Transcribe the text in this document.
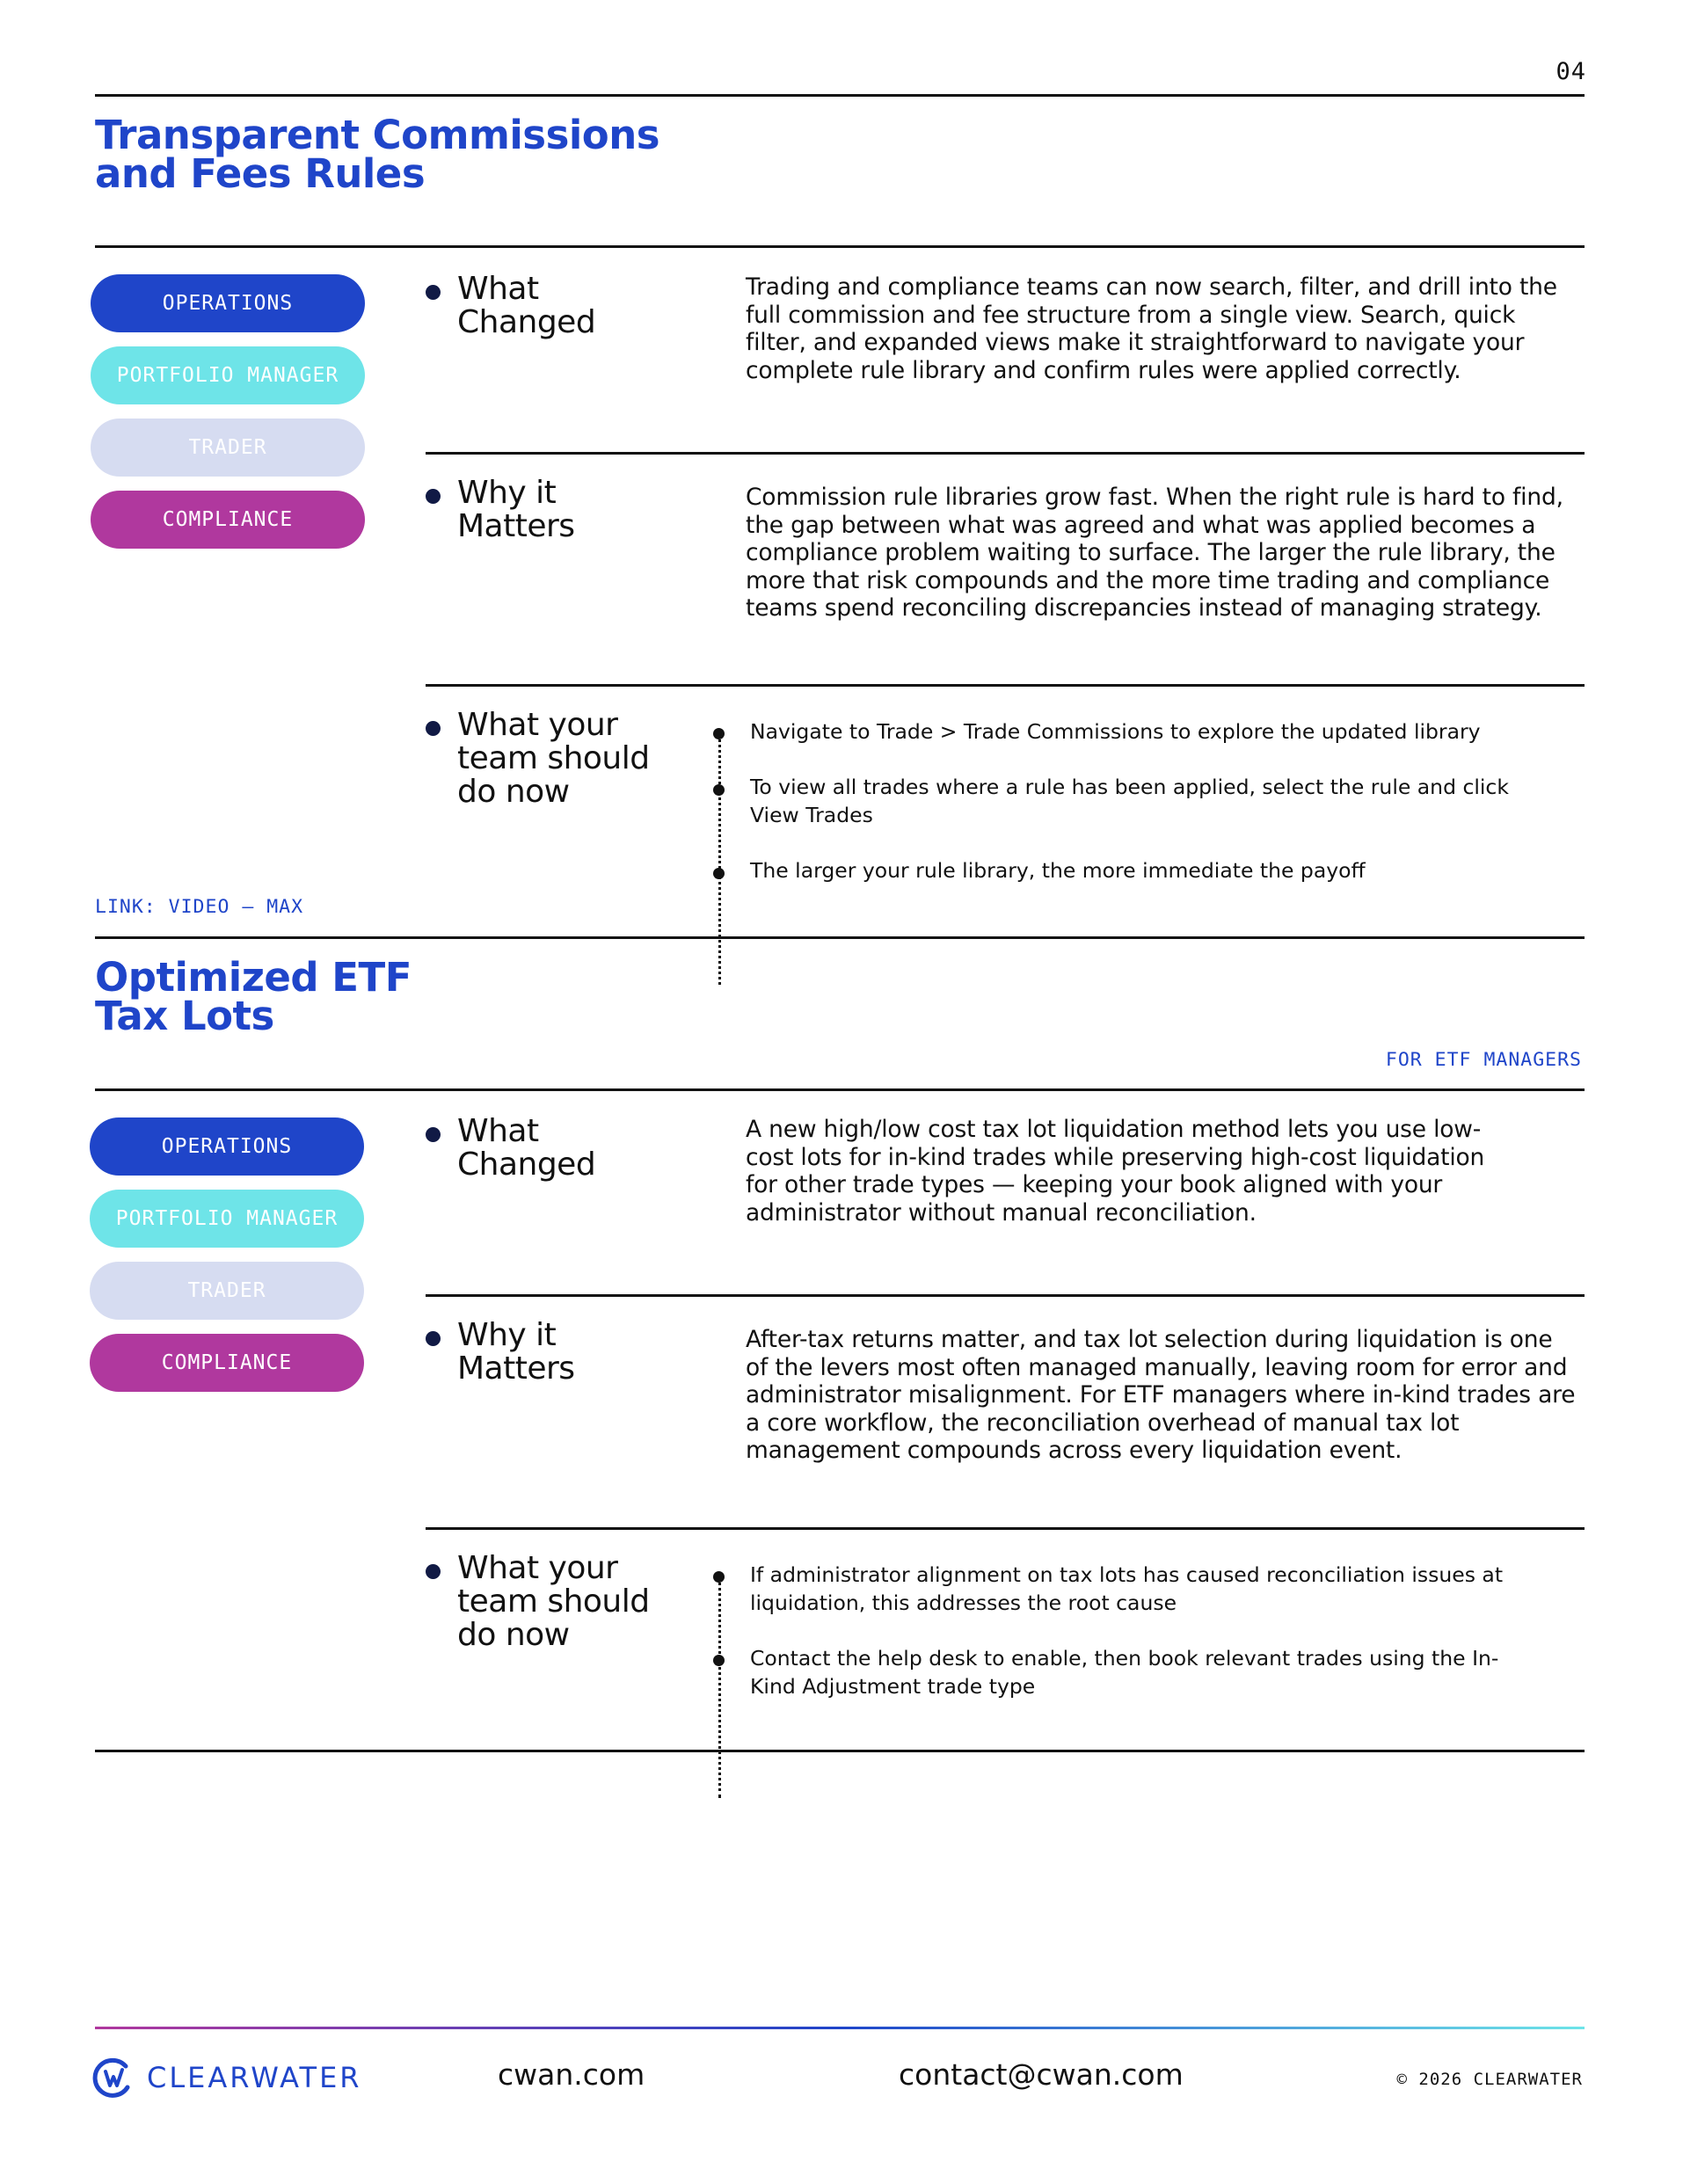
04
Transparent Commissions
and Fees Rules
OPERATIONS
PORTFOLIO MANAGER
TRADER
COMPLIANCE
LINK: VIDEO – MAX
What
Changed
Trading and compliance teams can now search, filter, and drill into the full commission and fee structure from a single view. Search, quick filter, and expanded views make it straightforward to navigate your complete rule library and confirm rules were applied correctly.
Why it
Matters
Commission rule libraries grow fast. When the right rule is hard to find, the gap between what was agreed and what was applied becomes a compliance problem waiting to surface. The larger the rule library, the more that risk compounds and the more time trading and compliance teams spend reconciling discrepancies instead of managing strategy.
What your
team should
do now
Navigate to Trade > Trade Commissions to explore the updated library
To view all trades where a rule has been applied, select the rule and click View Trades
The larger your rule library, the more immediate the payoff
Optimized ETF
Tax Lots
FOR ETF MANAGERS
OPERATIONS
PORTFOLIO MANAGER
TRADER
COMPLIANCE
What
Changed
A new high/low cost tax lot liquidation method lets you use low-cost lots for in-kind trades while preserving high-cost liquidation for other trade types — keeping your book aligned with your administrator without manual reconciliation.
Why it
Matters
After-tax returns matter, and tax lot selection during liquidation is one of the levers most often managed manually, leaving room for error and administrator misalignment. For ETF managers where in-kind trades are a core workflow, the reconciliation overhead of manual tax lot management compounds across every liquidation event.
What your
team should
do now
If administrator alignment on tax lots has caused reconciliation issues at liquidation, this addresses the root cause
Contact the help desk to enable, then book relevant trades using the In-Kind Adjustment trade type
CLEARWATER	cwan.com	contact@cwan.com	© 2026 CLEARWATER
